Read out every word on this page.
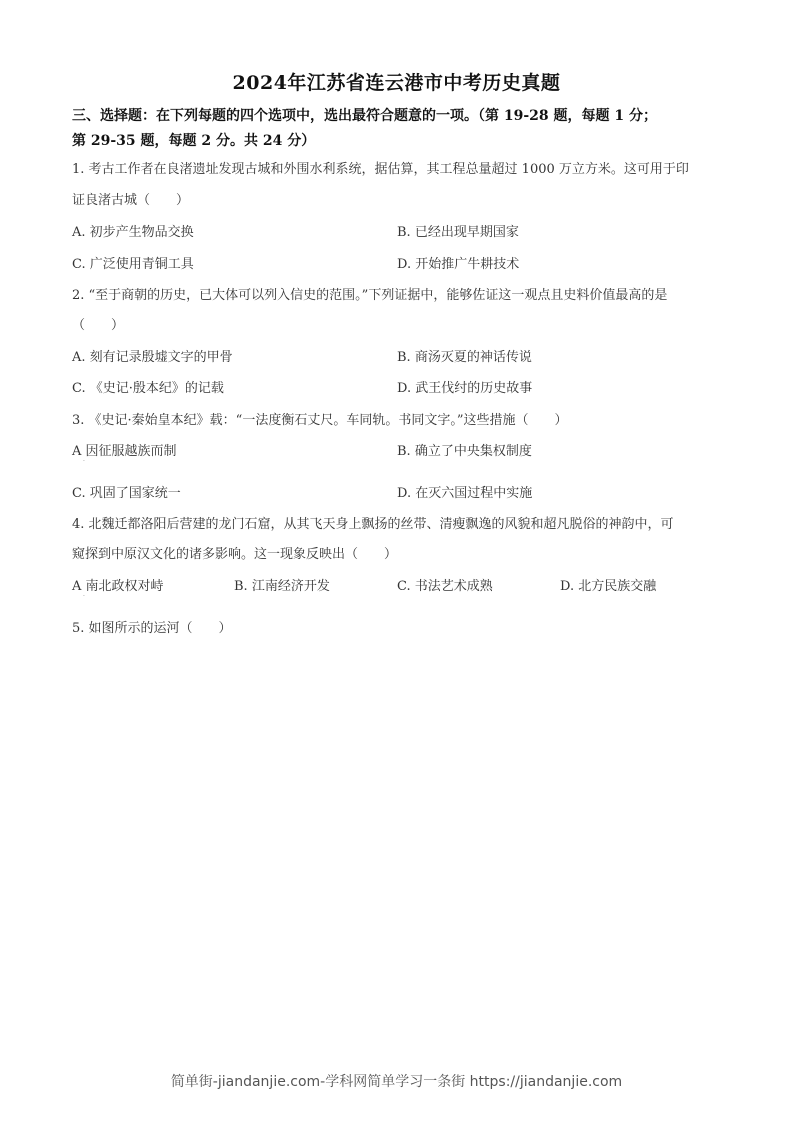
2024年江苏省连云港市中考历史真题
三、选择题：在下列每题的四个选项中，选出最符合题意的一项。（第 19-28 题，每题 1 分；
第 29-35 题，每题 2 分。共 24 分）
1. 考古工作者在良渚遗址发现古城和外围水利系统，据估算，其工程总量超过 1000 万立方米。这可用于印
证良渚古城（　　）
A. 初步产生物品交换	B. 已经出现早期国家
C. 广泛使用青铜工具	D. 开始推广牛耕技术
2. “至于商朝的历史，已大体可以列入信史的范围。”下列证据中，能够佐证这一观点且史料价值最高的是
（　　）
A. 刻有记录殷墟文字的甲骨	B. 商汤灭夏的神话传说
C. 《史记·殷本纪》的记载	D. 武王伐纣的历史故事
3. 《史记·秦始皇本纪》载：“一法度衡石丈尺。车同轨。书同文字。”这些措施（　　）
A 因征服越族而制
·
B. 确立了中央集权制度
C. 巩固了国家统一	D. 在灭六国过程中实施
4. 北魏迁都洛阳后营建的龙门石窟，从其飞天身上飘扬的丝带、清瘦飘逸的风貌和超凡脱俗的神韵中，可
窥探到中原汉文化的诸多影响。这一现象反映出（　　）
A 南北政权对峙
·
B. 江南经济开发	C. 书法艺术成熟	D. 北方民族交融
5. 如图所示的运河（　　）
简单街-jiandanjie.com-学科网简单学习一条街 https://jiandanjie.com
